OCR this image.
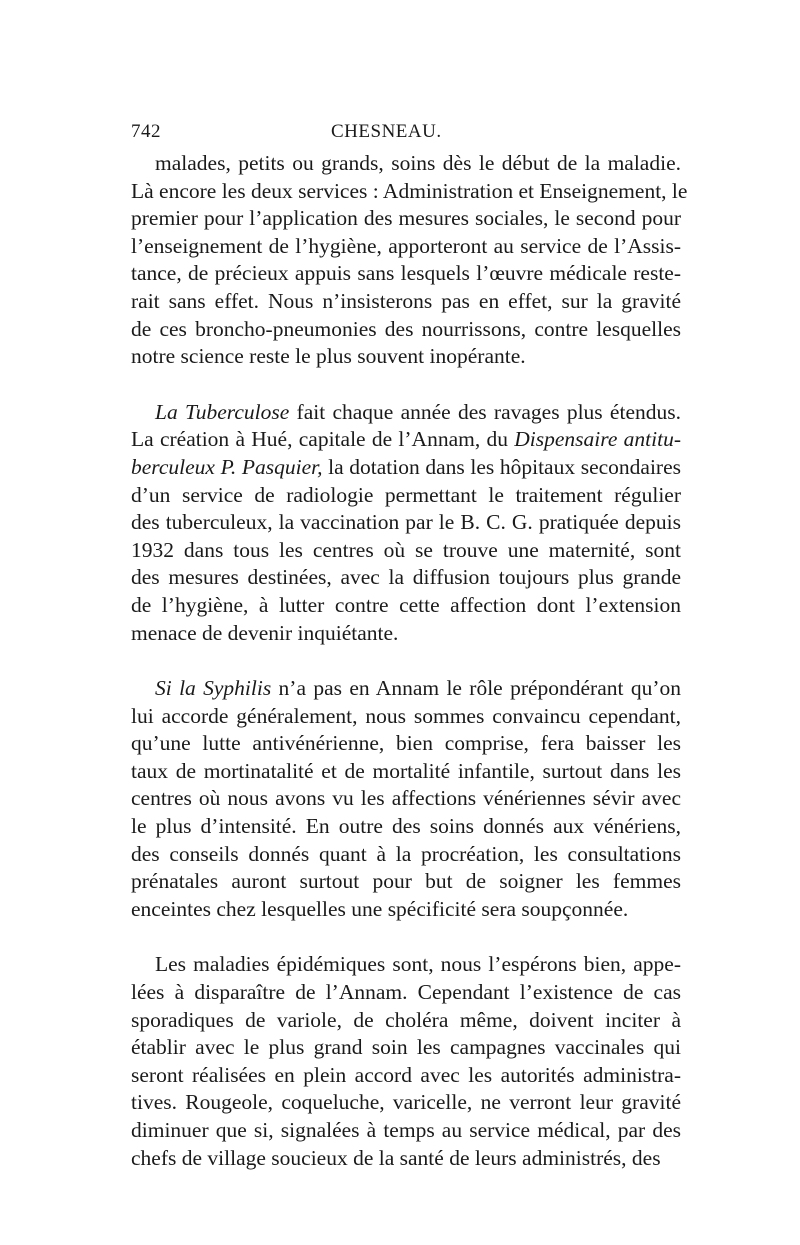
742	CHESNEAU.
malades, petits ou grands, soins dès le début de la maladie.
Là encore les deux services : Administration et Enseignement, le
premier pour l’application des mesures sociales, le second pour
l’enseignement de l’hygiène, apporteront au service de l’Assis-
tance, de précieux appuis sans lesquels l’œuvre médicale reste-
rait sans effet. Nous n’insisterons pas en effet, sur la gravité
de ces broncho-pneumonies des nourrissons, contre lesquelles
notre science reste le plus souvent inopérante.
La Tuberculose fait chaque année des ravages plus étendus.
La création à Hué, capitale de l’Annam, du Dispensaire antitu-
berculeux P. Pasquier, la dotation dans les hôpitaux secondaires
d’un service de radiologie permettant le traitement régulier
des tuberculeux, la vaccination par le B. C. G. pratiquée depuis
1932 dans tous les centres où se trouve une maternité, sont
des mesures destinées, avec la diffusion toujours plus grande
de l’hygiène, à lutter contre cette affection dont l’extension
menace de devenir inquiétante.
Si la Syphilis n’a pas en Annam le rôle prépondérant qu’on
lui accorde généralement, nous sommes convaincu cependant,
qu’une lutte antivénérienne, bien comprise, fera baisser les
taux de mortinatalité et de mortalité infantile, surtout dans les
centres où nous avons vu les affections vénériennes sévir avec
le plus d’intensité. En outre des soins donnés aux vénériens,
des conseils donnés quant à la procréation, les consultations
prénatales auront surtout pour but de soigner les femmes
enceintes chez lesquelles une spécificité sera soupçonnée.
Les maladies épidémiques sont, nous l’espérons bien, appe-
lées à disparaître de l’Annam. Cependant l’existence de cas
sporadiques de variole, de choléra même, doivent inciter à
établir avec le plus grand soin les campagnes vaccinales qui
seront réalisées en plein accord avec les autorités administra-
tives. Rougeole, coqueluche, varicelle, ne verront leur gravité
diminuer que si, signalées à temps au service médical, par des
chefs de village soucieux de la santé de leurs administrés, des
